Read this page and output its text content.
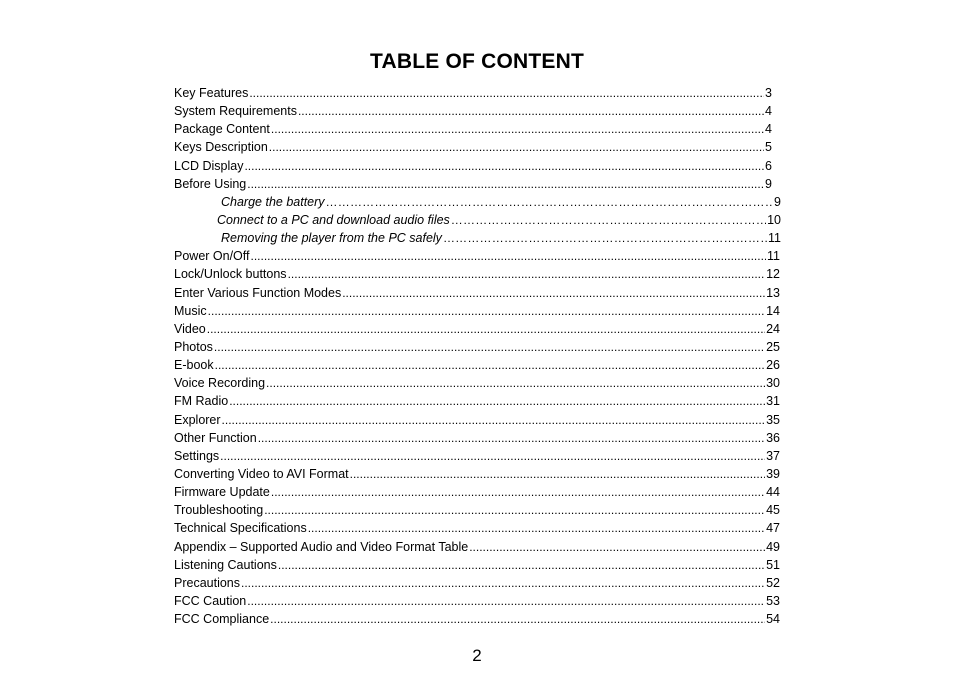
TABLE OF CONTENT
Key Features .....	3
System Requirements .....	4
Package Content .....	4
Keys Description .....	5
LCD Display .....	6
Before Using .....	9
Charge the battery …………………………………………………………………………………………………………………………………………………………	9
Connect to a PC and download audio files …………………………………………………………………………………………………………………………………………………………	10
Removing the player from the PC safely …………………………………………………………………………………………………………………………………………………………	11
Power On/Off .....	11
Lock/Unlock buttons .....	12
Enter Various Function Modes .....	13
Music .....	14
Video .....	24
Photos .....	25
E-book .....	26
Voice Recording .....	30
FM Radio .....	31
Explorer .....	35
Other Function .....	36
Settings .....	37
Converting Video to AVI Format .....	39
Firmware Update .....	44
Troubleshooting .....	45
Technical Specifications .....	47
Appendix – Supported Audio and Video Format Table .....	49
Listening Cautions .....	51
Precautions .....	52
FCC Caution .....	53
FCC Compliance .....	54
2
